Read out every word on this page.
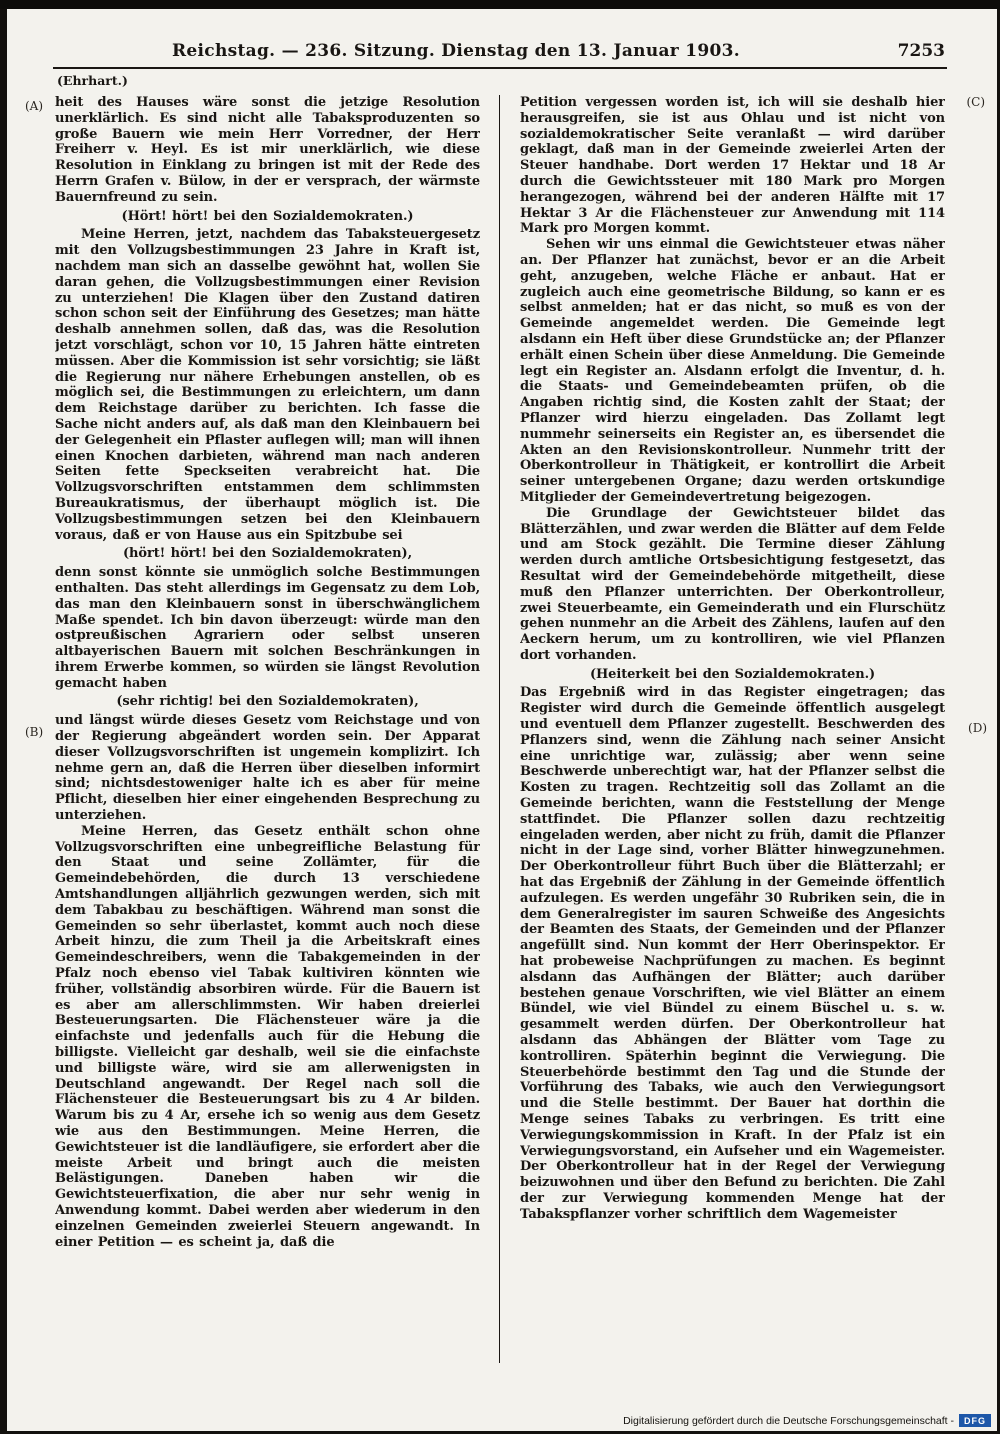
Reichstag. — 236. Sitzung. Dienstag den 13. Januar 1903.	7253
(Ehrhart.)
(A)
(B)
(C)
(D)

heit des Hauses wäre sonst die jetzige Resolution unerklärlich. Es sind nicht alle Tabaksproduzenten so große Bauern wie mein Herr Vorredner, der Herr Freiherr v. Heyl. Es ist mir unerklärlich, wie diese Resolution in Einklang zu bringen ist mit der Rede des Herrn Grafen v. Bülow, in der er versprach, der wärmste Bauernfreund zu sein.

(Hört! hört! bei den Sozialdemokraten.)

Meine Herren, jetzt, nachdem das Tabaksteuergesetz mit den Vollzugsbestimmungen 23 Jahre in Kraft ist, nachdem man sich an dasselbe gewöhnt hat, wollen Sie daran gehen, die Vollzugsbestimmungen einer Revision zu unterziehen! Die Klagen über den Zustand datiren schon schon seit der Einführung des Gesetzes; man hätte deshalb annehmen sollen, daß das, was die Resolution jetzt vorschlägt, schon vor 10, 15 Jahren hätte eintreten müssen. Aber die Kommission ist sehr vorsichtig; sie läßt die Regierung nur nähere Erhebungen anstellen, ob es möglich sei, die Bestimmungen zu erleichtern, um dann dem Reichstage darüber zu berichten. Ich fasse die Sache nicht anders auf, als daß man den Kleinbauern bei der Gelegenheit ein Pflaster auflegen will; man will ihnen einen Knochen darbieten, während man nach anderen Seiten fette Speckseiten verabreicht hat. Die Vollzugsvorschriften entstammen dem schlimmsten Bureaukratismus, der überhaupt möglich ist. Die Vollzugsbestimmungen setzen bei den Kleinbauern voraus, daß er von Hause aus ein Spitzbube sei

(hört! hört! bei den Sozialdemokraten),

denn sonst könnte sie unmöglich solche Bestimmungen enthalten. Das steht allerdings im Gegensatz zu dem Lob, das man den Kleinbauern sonst in überschwänglichem Maße spendet. Ich bin davon überzeugt: würde man den ostpreußischen Agrariern oder selbst unseren altbayerischen Bauern mit solchen Beschränkungen in ihrem Erwerbe kommen, so würden sie längst Revolution gemacht haben

(sehr richtig! bei den Sozialdemokraten),

und längst würde dieses Gesetz vom Reichstage und von der Regierung abgeändert worden sein. Der Apparat dieser Vollzugsvorschriften ist ungemein komplizirt. Ich nehme gern an, daß die Herren über dieselben informirt sind; nichtsdestoweniger halte ich es aber für meine Pflicht, dieselben hier einer eingehenden Besprechung zu unterziehen.

Meine Herren, das Gesetz enthält schon ohne Vollzugsvorschriften eine unbegreifliche Belastung für den Staat und seine Zollämter, für die Gemeindebehörden, die durch 13 verschiedene Amtshandlungen alljährlich gezwungen werden, sich mit dem Tabakbau zu beschäftigen. Während man sonst die Gemeinden so sehr überlastet, kommt auch noch diese Arbeit hinzu, die zum Theil ja die Arbeitskraft eines Gemeindeschreibers, wenn die Tabakgemeinden in der Pfalz noch ebenso viel Tabak kultiviren könnten wie früher, vollständig absorbiren würde. Für die Bauern ist es aber am allerschlimmsten. Wir haben dreierlei Besteuerungsarten. Die Flächensteuer wäre ja die einfachste und jedenfalls auch für die Hebung die billigste. Vielleicht gar deshalb, weil sie die einfachste und billigste wäre, wird sie am allerwenigsten in Deutschland angewandt. Der Regel nach soll die Flächensteuer die Besteuerungsart bis zu 4 Ar bilden. Warum bis zu 4 Ar, ersehe ich so wenig aus dem Gesetz wie aus den Bestimmungen. Meine Herren, die Gewichtsteuer ist die landläufigere, sie erfordert aber die meiste Arbeit und bringt auch die meisten Belästigungen. Daneben haben wir die Gewichtsteuerfixation, die aber nur sehr wenig in Anwendung kommt. Dabei werden aber wiederum in den einzelnen Gemeinden zweierlei Steuern angewandt. In einer Petition — es scheint ja, daß die

Petition vergessen worden ist, ich will sie deshalb hier herausgreifen, sie ist aus Ohlau und ist nicht von sozialdemokratischer Seite veranlaßt — wird darüber geklagt, daß man in der Gemeinde zweierlei Arten der Steuer handhabe. Dort werden 17 Hektar und 18 Ar durch die Gewichtssteuer mit 180 Mark pro Morgen herangezogen, während bei der anderen Hälfte mit 17 Hektar 3 Ar die Flächensteuer zur Anwendung mit 114 Mark pro Morgen kommt.

Sehen wir uns einmal die Gewichtsteuer etwas näher an. Der Pflanzer hat zunächst, bevor er an die Arbeit geht, anzugeben, welche Fläche er anbaut. Hat er zugleich auch eine geometrische Bildung, so kann er es selbst anmelden; hat er das nicht, so muß es von der Gemeinde angemeldet werden. Die Gemeinde legt alsdann ein Heft über diese Grundstücke an; der Pflanzer erhält einen Schein über diese Anmeldung. Die Gemeinde legt ein Register an. Alsdann erfolgt die Inventur, d. h. die Staats- und Gemeindebeamten prüfen, ob die Angaben richtig sind, die Kosten zahlt der Staat; der Pflanzer wird hierzu eingeladen. Das Zollamt legt nummehr seinerseits ein Register an, es übersendet die Akten an den Revisionskontrolleur. Nunmehr tritt der Oberkontrolleur in Thätigkeit, er kontrollirt die Arbeit seiner untergebenen Organe; dazu werden ortskundige Mitglieder der Gemeindevertretung beigezogen.

Die Grundlage der Gewichtsteuer bildet das Blätterzählen, und zwar werden die Blätter auf dem Felde und am Stock gezählt. Die Termine dieser Zählung werden durch amtliche Ortsbesichtigung festgesetzt, das Resultat wird der Gemeindebehörde mitgetheilt, diese muß den Pflanzer unterrichten. Der Oberkontrolleur, zwei Steuerbeamte, ein Gemeinderath und ein Flurschütz gehen nunmehr an die Arbeit des Zählens, laufen auf den Aeckern herum, um zu kontrolliren, wie viel Pflanzen dort vorhanden.

(Heiterkeit bei den Sozialdemokraten.)

Das Ergebniß wird in das Register eingetragen; das Register wird durch die Gemeinde öffentlich ausgelegt und eventuell dem Pflanzer zugestellt. Beschwerden des Pflanzers sind, wenn die Zählung nach seiner Ansicht eine unrichtige war, zulässig; aber wenn seine Beschwerde unberechtigt war, hat der Pflanzer selbst die Kosten zu tragen. Rechtzeitig soll das Zollamt an die Gemeinde berichten, wann die Feststellung der Menge stattfindet. Die Pflanzer sollen dazu rechtzeitig eingeladen werden, aber nicht zu früh, damit die Pflanzer nicht in der Lage sind, vorher Blätter hinwegzunehmen. Der Oberkontrolleur führt Buch über die Blätterzahl; er hat das Ergebniß der Zählung in der Gemeinde öffentlich aufzulegen. Es werden ungefähr 30 Rubriken sein, die in dem Generalregister im sauren Schweiße des Angesichts der Beamten des Staats, der Gemeinden und der Pflanzer angefüllt sind. Nun kommt der Herr Oberinspektor. Er hat probeweise Nachprüfungen zu machen. Es beginnt alsdann das Aufhängen der Blätter; auch darüber bestehen genaue Vorschriften, wie viel Blätter an einem Bündel, wie viel Bündel zu einem Büschel u. s. w. gesammelt werden dürfen. Der Oberkontrolleur hat alsdann das Abhängen der Blätter vom Tage zu kontrolliren. Späterhin beginnt die Verwiegung. Die Steuerbehörde bestimmt den Tag und die Stunde der Vorführung des Tabaks, wie auch den Verwiegungsort und die Stelle bestimmt. Der Bauer hat dorthin die Menge seines Tabaks zu verbringen. Es tritt eine Verwiegungskommission in Kraft. In der Pfalz ist ein Verwiegungsvorstand, ein Aufseher und ein Wagemeister. Der Oberkontrolleur hat in der Regel der Verwiegung beizuwohnen und über den Befund zu berichten. Die Zahl der zur Verwiegung kommenden Menge hat der Tabakspflanzer vorher schriftlich dem Wagemeister

Digitalisierung gefördert durch die Deutsche Forschungsgemeinschaft -	DFG
